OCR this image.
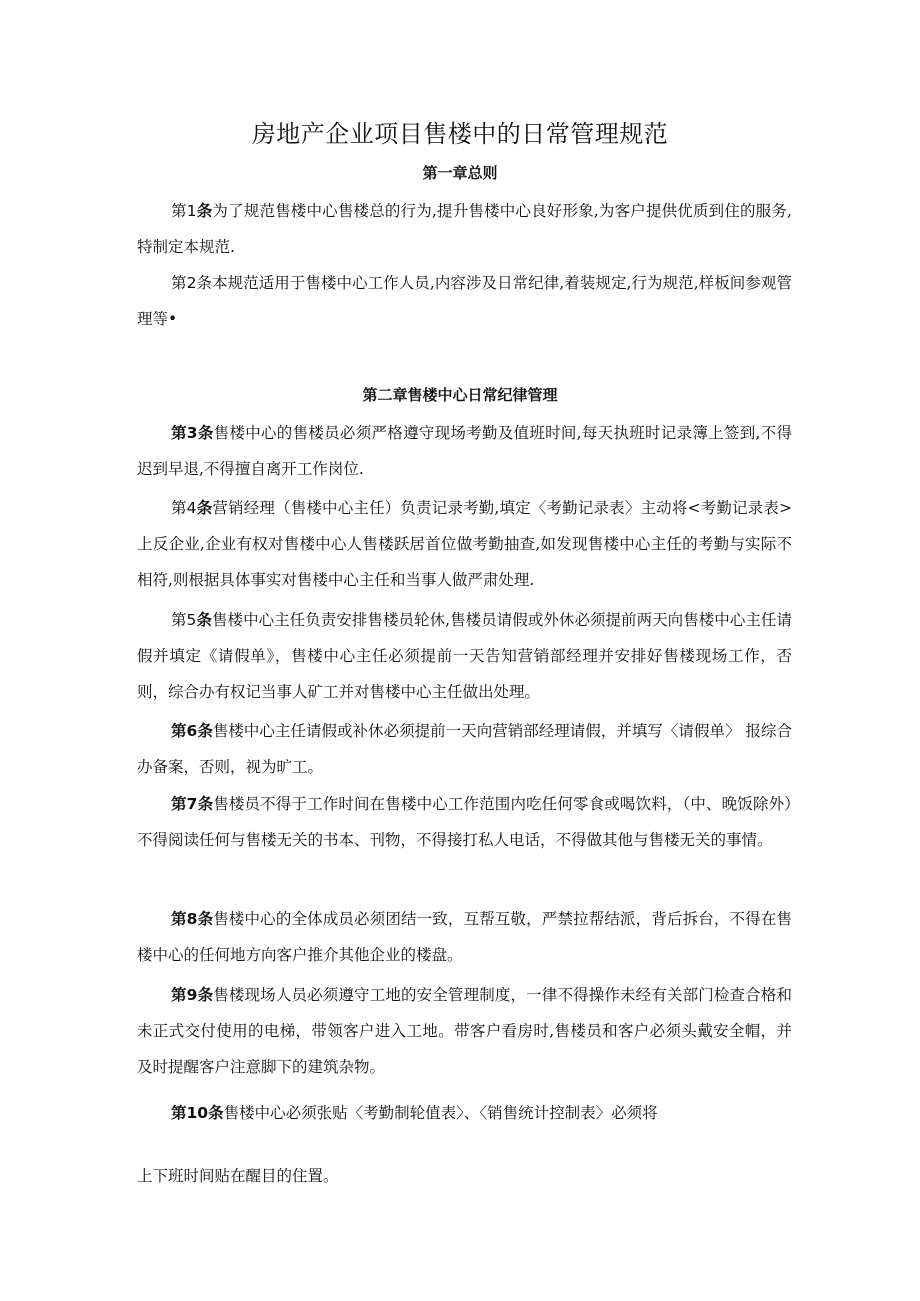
房地产企业项目售楼中的日常管理规范
第一章总则
第1条为了规范售楼中心售楼总的行为,提升售楼中心良好形象,为客户提供优质到住的服务,特制定本规范.
第2条本规范适用于售楼中心工作人员,内容涉及日常纪律,着装规定,行为规范,样板间参观管理等•
第二章售楼中心日常纪律管理
第3条售楼中心的售楼员必须严格遵守现场考勤及值班时间,每天执班时记录簿上签到,不得迟到早退,不得擅自离开工作岗位.
第4条营销经理（售楼中心主任）负责记录考勤,填定〈考勤记录表〉主动将<考勤记录表>上反企业,企业有权对售楼中心人售楼跃居首位做考勤抽查,如发现售楼中心主任的考勤与实际不相符,则根据具体事实对售楼中心主任和当事人做严肃处理.
第5条售楼中心主任负责安排售楼员轮休,售楼员请假或外休必须提前两天向售楼中心主任请假并填定《请假单》，售楼中心主任必须提前一天告知营销部经理并安排好售楼现场工作，否则，综合办有权记当事人矿工并对售楼中心主任做出处理。
第6条售楼中心主任请假或补休必须提前一天向营销部经理请假，并填写〈请假单〉 报综合办备案，否则，视为旷工。
第7条售楼员不得于工作时间在售楼中心工作范围内吃任何零食或喝饮料，（中、晚饭除外）不得阅读任何与售楼无关的书本、刊物，不得接打私人电话，不得做其他与售楼无关的事情。
第8条售楼中心的全体成员必须团结一致，互帮互敬，严禁拉帮结派，背后拆台，不得在售楼中心的任何地方向客户推介其他企业的楼盘。
第9条售楼现场人员必须遵守工地的安全管理制度，一律不得操作未经有关部门检查合格和未正式交付使用的电梯，带领客户进入工地。带客户看房时,售楼员和客户必须头戴安全帽，并及时提醒客户注意脚下的建筑杂物。
第10条售楼中心必须张贴〈考勤制轮值表〉、〈销售统计控制表〉必须将
上下班时间贴在醒目的住置。
